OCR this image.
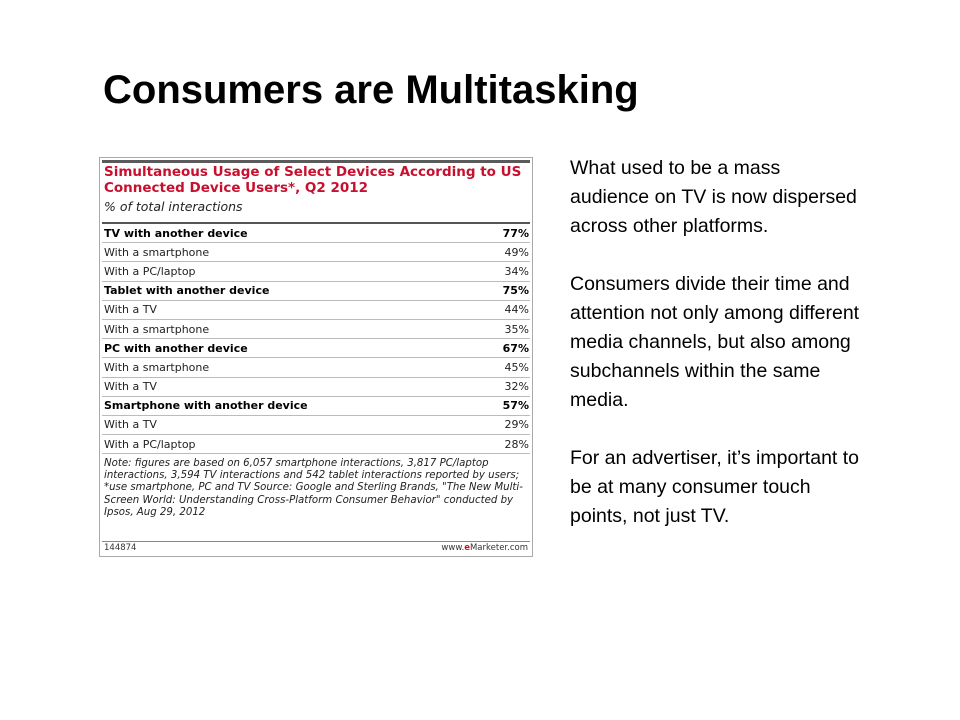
Consumers are Multitasking

Simultaneous Usage of Select Devices According to US Connected Device Users*, Q2 2012

% of total interactions

TV with another device	77%
With a smartphone	49%
With a PC/laptop	34%
Tablet with another device	75%
With a TV	44%
With a smartphone	35%
PC with another device	67%
With a smartphone	45%
With a TV	32%
Smartphone with another device	57%
With a TV	29%
With a PC/laptop	28%

Note: figures are based on 6,057 smartphone interactions, 3,817 PC/laptop interactions, 3,594 TV interactions and 542 tablet interactions reported by users; *use smartphone, PC and TV Source: Google and Sterling Brands, "The New Multi-Screen World: Understanding Cross-Platform Consumer Behavior" conducted by Ipsos, Aug 29, 2012

144874	www.eMarketer.com

What used to be a mass audience on TV is now dispersed across other platforms.

Consumers divide their time and attention not only among different media channels, but also among subchannels within the same media.

For an advertiser, it’s important to be at many consumer touch points, not just TV.
